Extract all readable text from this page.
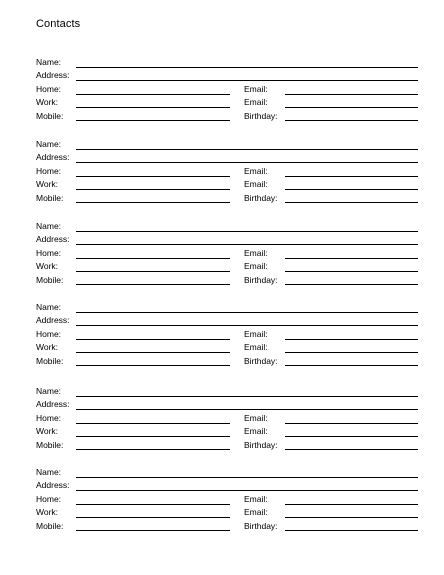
Contacts
Name:
Address:
Home:	Email:
Work:	Email:
Mobile:	Birthday:
Name:
Address:
Home:	Email:
Work:	Email:
Mobile:	Birthday:
Name:
Address:
Home:	Email:
Work:	Email:
Mobile:	Birthday:
Name:
Address:
Home:	Email:
Work:	Email:
Mobile:	Birthday:
Name:
Address:
Home:	Email:
Work:	Email:
Mobile:	Birthday:
Name:
Address:
Home:	Email:
Work:	Email:
Mobile:	Birthday:
